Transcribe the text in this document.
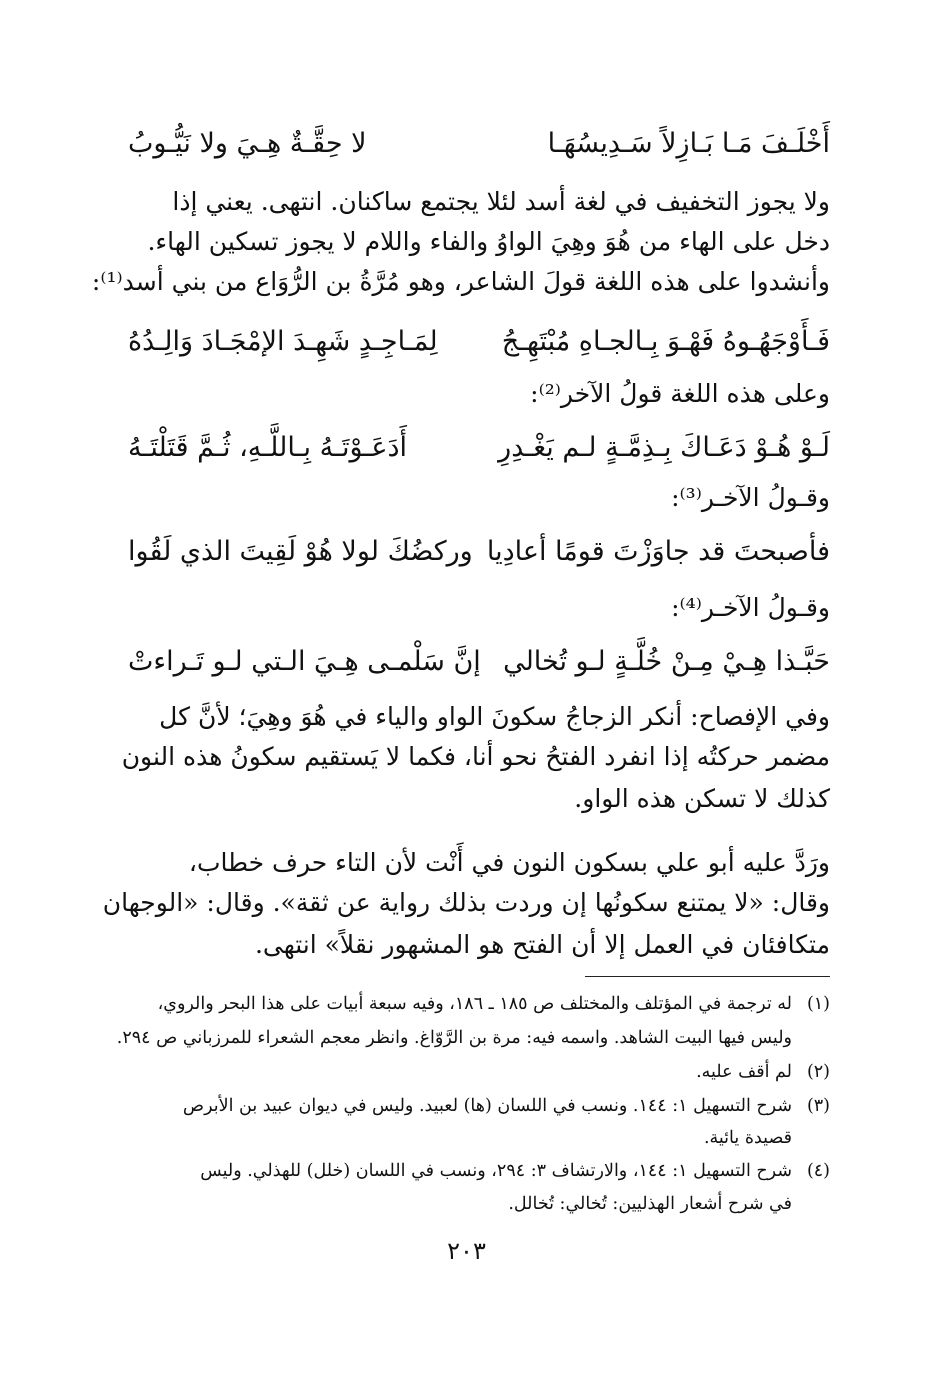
أَخْلَـفَ مَـا بَـازِلاً سَـدِيسُهَـا
لا حِقَّـةٌ هِـيَ ولا نَيُّـوبُ
ولا يجوز التخفيف في لغة أسد لئلا يجتمع ساكنان. انتهى. يعني إذا
دخل على الهاء من هُوَ وهِيَ الواوُ والفاء واللام لا يجوز تسكين الهاء.
وأنشدوا على هذه اللغة قولَ الشاعر، وهو مُرَّةُ بن الرُّوَاع من بني أسد⁽¹⁾:
فَـأَوْجَهُـوهُ فَهْـوَ بِـالجـاهِ مُبْتَهِـجُ
لِمَـاجِـدٍ شَهِـدَ الإمْجَـادَ وَالِـدُهُ
وعلى هذه اللغة قولُ الآخر⁽²⁾:
لَـوْ هُـوْ دَعَـاكَ بِـذِمَّـةٍ لـم يَغْـدِرِ
أَدَعَـوْتَـهُ بِـاللَّـهِ، ثُـمَّ قَتَلْتَـهُ
وقـولُ الآخـر⁽³⁾:
فأصبحتَ قد جاوَزْتَ قومًا أعادِيا
وركضُكَ لولا هُوْ لَقِيتَ الذي لَقُوا
وقـولُ الآخـر⁽⁴⁾:
حَبَّـذا هِـيْ مِـنْ خُلَّـةٍ لـو تُخالي
إنَّ سَلْمـى هِـيَ الـتي لـو تَـراءتْ
وفي الإفصاح: أنكر الزجاجُ سكونَ الواو والياء في هُوَ وهِيَ؛ لأنَّ كل
مضمر حركتُه إذا انفرد الفتحُ نحو أنا، فكما لا يَستقيم سكونُ هذه النون
كذلك لا تسكن هذه الواو.
ورَدَّ عليه أبو علي بسكون النون في أَنْت لأن التاء حرف خطاب،
وقال: «لا يمتنع سكونُها إن وردت بذلك رواية عن ثقة». وقال: «الوجهان
متكافئان في العمل إلا أن الفتح هو المشهور نقلاً» انتهى.
(١)
له ترجمة في المؤتلف والمختلف ص ١٨٥ ـ ١٨٦، وفيه سبعة أبيات على هذا البحر والروي،
وليس فيها البيت الشاهد. واسمه فيه: مرة بن الرَّوّاغ. وانظر معجم الشعراء للمرزباني ص ٢٩٤.
(٢)
لم أقف عليه.
(٣)
شرح التسهيل ١: ١٤٤. ونسب في اللسان (ها) لعبيد. وليس في ديوان عبيد بن الأبرص
قصيدة يائية.
(٤)
شرح التسهيل ١: ١٤٤، والارتشاف ٣: ٢٩٤، ونسب في اللسان (خلل) للهذلي. وليس
في شرح أشعار الهذليين: تُخالي: تُخالل.
٢٠٣
